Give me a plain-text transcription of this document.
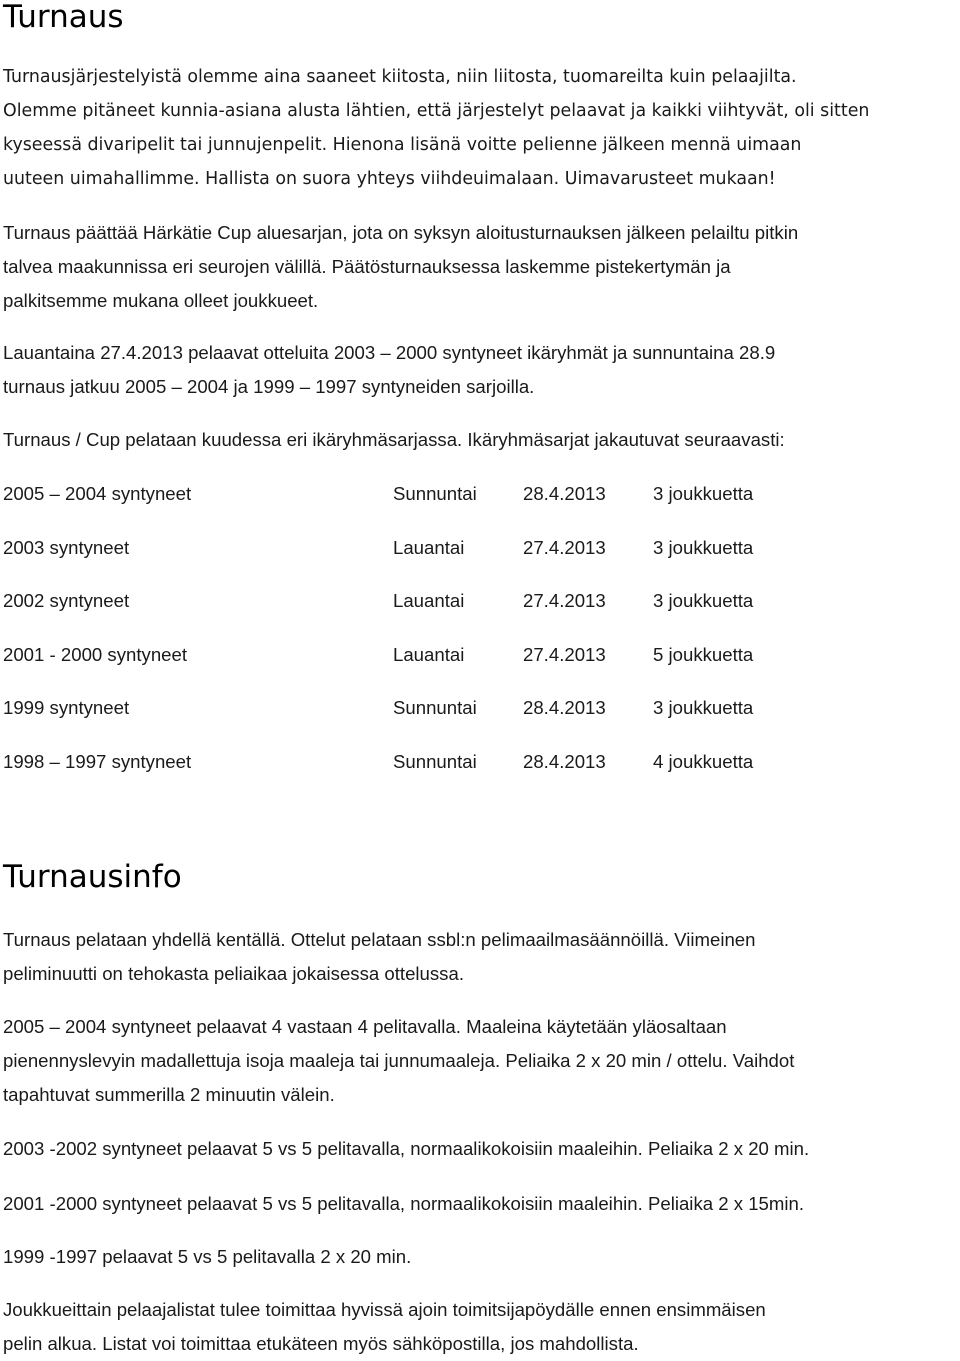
Turnaus
Turnausjärjestelyistä olemme aina saaneet kiitosta, niin liitosta, tuomareilta kuin pelaajilta.
Olemme pitäneet kunnia-asiana alusta lähtien, että järjestelyt pelaavat ja kaikki viihtyvät, oli sitten
kyseessä divaripelit tai junnujenpelit. Hienona lisänä voitte pelienne jälkeen mennä uimaan
uuteen uimahallimme. Hallista on suora yhteys viihdeuimalaan. Uimavarusteet mukaan!
Turnaus päättää Härkätie Cup aluesarjan, jota on syksyn aloitusturnauksen jälkeen pelailtu pitkin
talvea maakunnissa eri seurojen välillä. Päätösturnauksessa laskemme pistekertymän ja
palkitsemme mukana olleet joukkueet.
Lauantaina 27.4.2013 pelaavat otteluita 2003 – 2000 syntyneet ikäryhmät ja sunnuntaina 28.9
turnaus jatkuu 2005 – 2004 ja 1999 – 1997 syntyneiden sarjoilla.
Turnaus / Cup pelataan kuudessa eri ikäryhmäsarjassa. Ikäryhmäsarjat jakautuvat seuraavasti:
2005 – 2004 syntyneet	Sunnuntai 28.4.2013	3 joukkuetta
2003 syntyneet	Lauantai	27.4.2013	3 joukkuetta
2002 syntyneet	Lauantai	27.4.2013	3 joukkuetta
2001 - 2000 syntyneet	Lauantai	27.4.2013	5 joukkuetta
1999 syntyneet	Sunnuntai 28.4.2013	3 joukkuetta
1998 – 1997 syntyneet	Sunnuntai 28.4.2013	4 joukkuetta
Turnausinfo
Turnaus pelataan yhdellä kentällä. Ottelut pelataan ssbl:n pelimaailmasäännöillä. Viimeinen
peliminuutti on tehokasta peliaikaa jokaisessa ottelussa.
2005 – 2004 syntyneet pelaavat 4 vastaan 4 pelitavalla. Maaleina käytetään yläosaltaan
pienennyslevyin madallettuja isoja maaleja tai junnumaaleja. Peliaika 2 x 20 min / ottelu. Vaihdot
tapahtuvat summerilla 2 minuutin välein.
2003 -2002 syntyneet pelaavat 5 vs 5 pelitavalla, normaalikokoisiin maaleihin. Peliaika 2 x 20 min.
2001 -2000 syntyneet pelaavat 5 vs 5 pelitavalla, normaalikokoisiin maaleihin. Peliaika 2 x 15min.
1999 -1997 pelaavat 5 vs 5 pelitavalla 2 x 20 min.
Joukkueittain pelaajalistat tulee toimittaa hyvissä ajoin toimitsijapöydälle ennen ensimmäisen
pelin alkua. Listat voi toimittaa etukäteen myös sähköpostilla, jos mahdollista.
